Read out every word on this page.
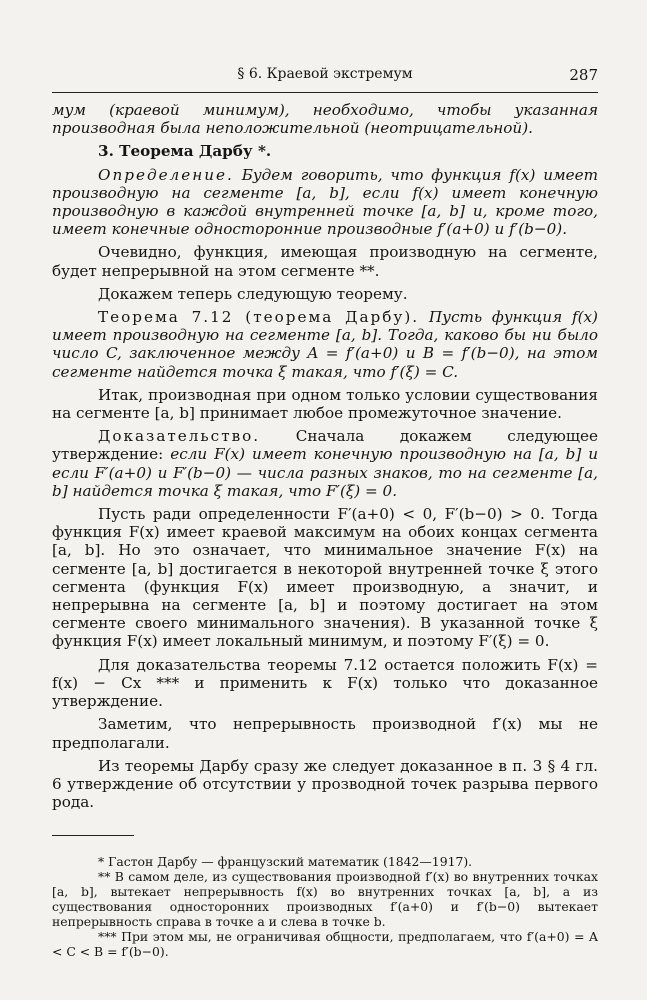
§ 6. Краевой экстремум	287

мум (краевой минимум), необходимо, чтобы указанная производная была неположительной (неотрицательной).

3. Теорема Дарбу *.

Определение. Будем говорить, что функция f(x) имеет производную на сегменте [a, b], если f(x) имеет конечную производную в каждой внутренней точке [a, b] и, кроме того, имеет конечные односторонние производные f′(a+0) и f′(b−0).

Очевидно, функция, имеющая производную на сегменте, будет непрерывной на этом сегменте **.

Докажем теперь следующую теорему.

Теорема 7.12 (теорема Дарбу). Пусть функция f(x) имеет производную на сегменте [a, b]. Тогда, каково бы ни было число C, заключенное между A = f′(a+0) и B = f′(b−0), на этом сегменте найдется точка ξ такая, что f′(ξ) = C.

Итак, производная при одном только условии существования на сегменте [a, b] принимает любое промежуточное значение.

Доказательство. Сначала докажем следующее утверждение: если F(x) имеет конечную производную на [a, b] и если F′(a+0) и F′(b−0) — числа разных знаков, то на сегменте [a, b] найдется точка ξ такая, что F′(ξ) = 0.

Пусть ради определенности F′(a+0) < 0, F′(b−0) > 0. Тогда функция F(x) имеет краевой максимум на обоих концах сегмента [a, b]. Но это означает, что минимальное значение F(x) на сегменте [a, b] достигается в некоторой внутренней точке ξ этого сегмента (функция F(x) имеет производную, а значит, и непрерывна на сегменте [a, b] и поэтому достигает на этом сегменте своего минимального значения). В указанной точке ξ функция F(x) имеет локальный минимум, и поэтому F′(ξ) = 0.

Для доказательства теоремы 7.12 остается положить F(x) = f(x) − Cx *** и применить к F(x) только что доказанное утверждение.

Заметим, что непрерывность производной f′(x) мы не предполагали.

Из теоремы Дарбу сразу же следует доказанное в п. 3 § 4 гл. 6 утверждение об отсутствии у прозводной точек разрыва первого рода.

* Гастон Дарбу — французский математик (1842—1917).

** В самом деле, из существования производной f′(x) во внутренних точках [a, b], вытекает непрерывность f(x) во внутренних точках [a, b], а из существования односторонних производных f′(a+0) и f′(b−0) вытекает непрерывность справа в точке a и слева в точке b.

*** При этом мы, не ограничивая общности, предполагаем, что f′(a+0) = A < C < B = f′(b−0).
